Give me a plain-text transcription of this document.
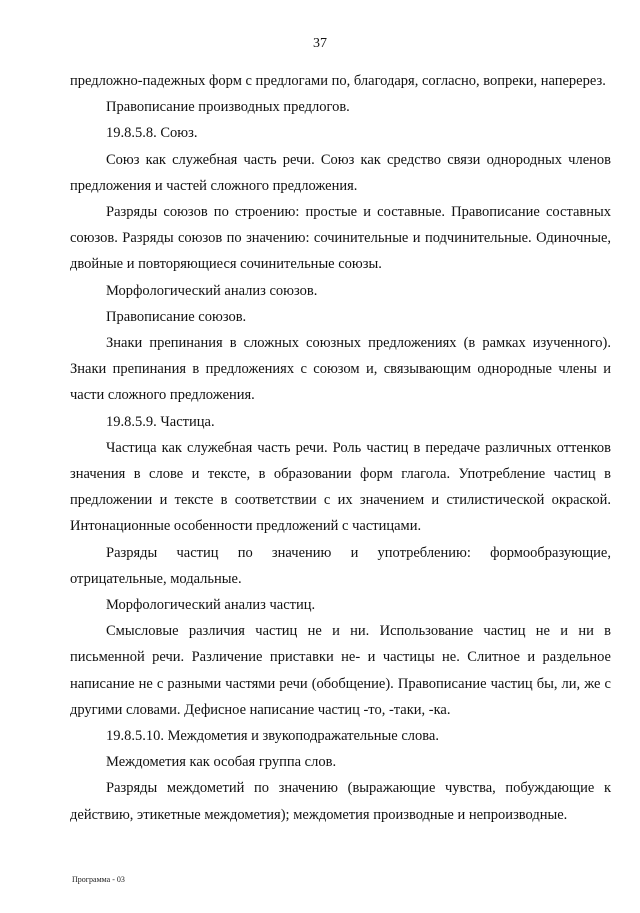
37

предложно-падежных форм с предлогами по, благодаря, согласно, вопреки, наперерез.

Правописание производных предлогов.

19.8.5.8. Союз.

Союз как служебная часть речи. Союз как средство связи однородных членов предложения и частей сложного предложения.

Разряды союзов по строению: простые и составные. Правописание составных союзов. Разряды союзов по значению: сочинительные и подчинительные. Одиночные, двойные и повторяющиеся сочинительные союзы.

Морфологический анализ союзов.

Правописание союзов.

Знаки препинания в сложных союзных предложениях (в рамках изученного). Знаки препинания в предложениях с союзом и, связывающим однородные члены и части сложного предложения.

19.8.5.9. Частица.

Частица как служебная часть речи. Роль частиц в передаче различных оттенков значения в слове и тексте, в образовании форм глагола. Употребление частиц в предложении и тексте в соответствии с их значением и стилистической окраской. Интонационные особенности предложений с частицами.

Разряды частиц по значению и употреблению: формообразующие, отрицательные, модальные.

Морфологический анализ частиц.

Смысловые различия частиц не и ни. Использование частиц не и ни в письменной речи. Различение приставки не- и частицы не. Слитное и раздельное написание не с разными частями речи (обобщение). Правописание частиц бы, ли, же с другими словами. Дефисное написание частиц -то, -таки, -ка.

19.8.5.10. Междометия и звукоподражательные слова.

Междометия как особая группа слов.

Разряды междометий по значению (выражающие чувства, побуждающие к действию, этикетные междометия); междометия производные и непроизводные.

Программа - 03
